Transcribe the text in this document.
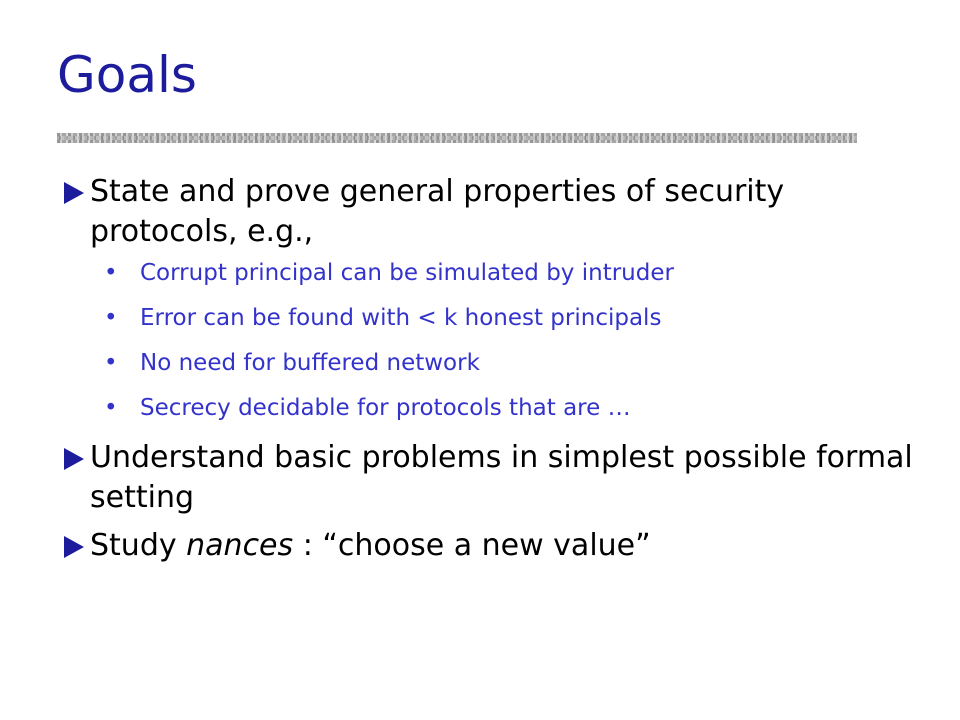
Goals
State and prove general properties of security protocols, e.g.,
• Corrupt principal can be simulated by intruder
• Error can be found with < k honest principals
• No need for buffered network
• Secrecy decidable for protocols that are …
Understand basic problems in simplest possible formal setting
Study nances : “choose a new value”
